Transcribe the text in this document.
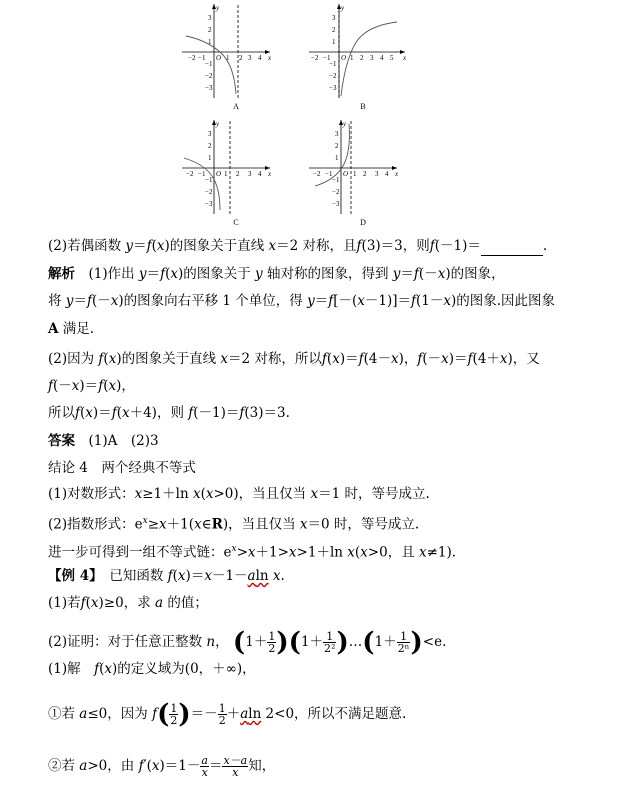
y
x
−2 −1 O 1 2 3 4
3
2
1
−1
−2
−3
A
y
x
−2 −1 O 1 2 3 4 5
3
2
1
−1
−2
−3
B
y
x
−2 −1 O 1 2 3 4
3
2
1
−1
−2
−3
C
y
x
−2 −1 O 1 2 3 4
3
2
1
−1
−2
−3
D
(2)若偶函数 y＝f(x)的图象关于直线 x＝2 对称，且f(3)＝3，则f(－1)＝	.
解析　(1)作出 y＝f(x)的图象关于 y 轴对称的图象，得到 y＝f(－x)的图象，
将 y＝f(－x)的图象向右平移 1 个单位，得 y＝f[－(x－1)]＝f(1－x)的图象.因此图象
A 满足.
(2)因为 f(x)的图象关于直线 x＝2 对称，所以f(x)＝f(4－x)，f(－x)＝f(4＋x)，又
f(－x)＝f(x)，
所以f(x)＝f(x＋4)，则 f(－1)＝f(3)＝3.
答案　(1)A　(2)3
结论 4　两个经典不等式
(1)对数形式：x≥1＋ln x(x>0)，当且仅当 x＝1 时，等号成立.
(2)指数形式：$e^x\ge x+1(x\in R)$，当且仅当 x＝0 时，等号成立.
进一步可得到一组不等式链：$e^x>x+1>x>1+\ln$ x(x>0，且 x≠1).
【例 4】　已知函数 f(x)＝x－1－aln x.
(1)若f(x)≥0，求 a 的值；
(2)证明：对于任意正整数 n， $(1+ \frac{1}{2} )(1+ \frac{1}{\text{2²}}$ )…(1＋ $\frac{1}{\text{2ⁿ}} )<e$.
(1)解　f(x)的定义域为(0，＋∞)，
①若 a≤0，因为 $f( \frac{1}{2}$ )＝－ $\frac{1}{2} +aln$ 2<0，所以不满足题意.
②若 a>0，由 $f'(x)=1- \frac{a}{x} = \frac{x-a}{x}$ 知，
